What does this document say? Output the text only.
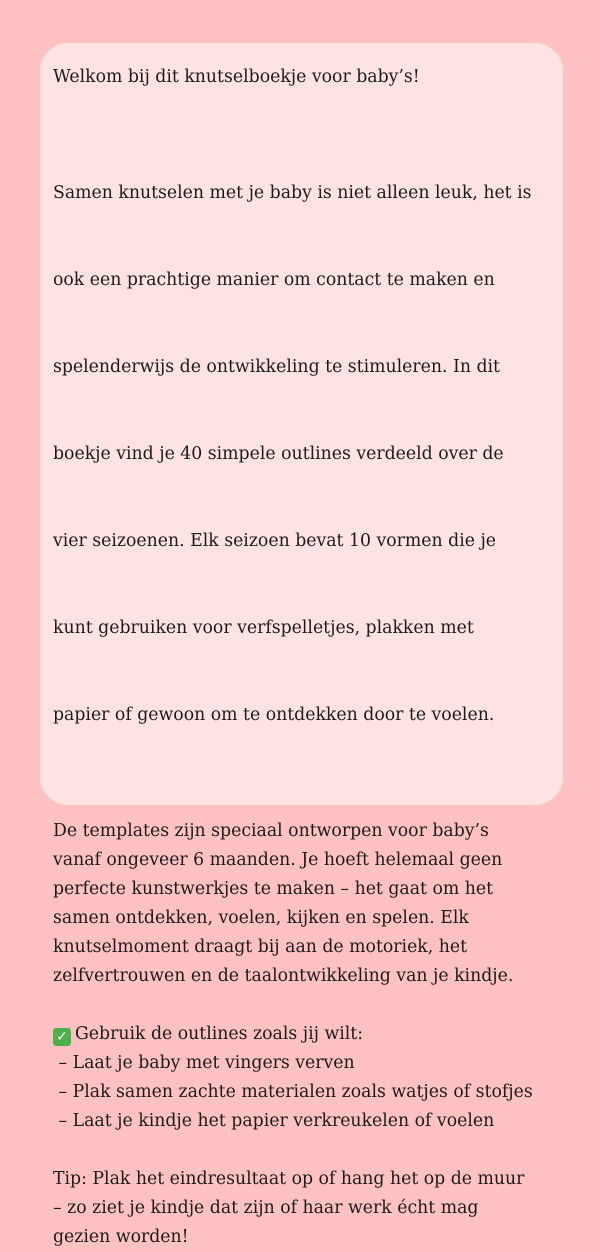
Welkom bij dit knutselboekje voor baby’s!

Samen knutselen met je baby is niet alleen leuk, het is

ook een prachtige manier om contact te maken en

spelenderwijs de ontwikkeling te stimuleren. In dit

boekje vind je 40 simpele outlines verdeeld over de

vier seizoenen. Elk seizoen bevat 10 vormen die je

kunt gebruiken voor verfspelletjes, plakken met

papier of gewoon om te ontdekken door te voelen.

De templates zijn speciaal ontworpen voor baby’s
vanaf ongeveer 6 maanden. Je hoeft helemaal geen
perfecte kunstwerkjes te maken – het gaat om het
samen ontdekken, voelen, kijken en spelen. Elk
knutselmoment draagt bij aan de motoriek, het
zelfvertrouwen en de taalontwikkeling van je kindje.

✓ Gebruik de outlines zoals jij wilt:
– Laat je baby met vingers verven
– Plak samen zachte materialen zoals watjes of stofjes
– Laat je kindje het papier verkreukelen of voelen

Tip: Plak het eindresultaat op of hang het op de muur
– zo ziet je kindje dat zijn of haar werk écht mag
gezien worden!
